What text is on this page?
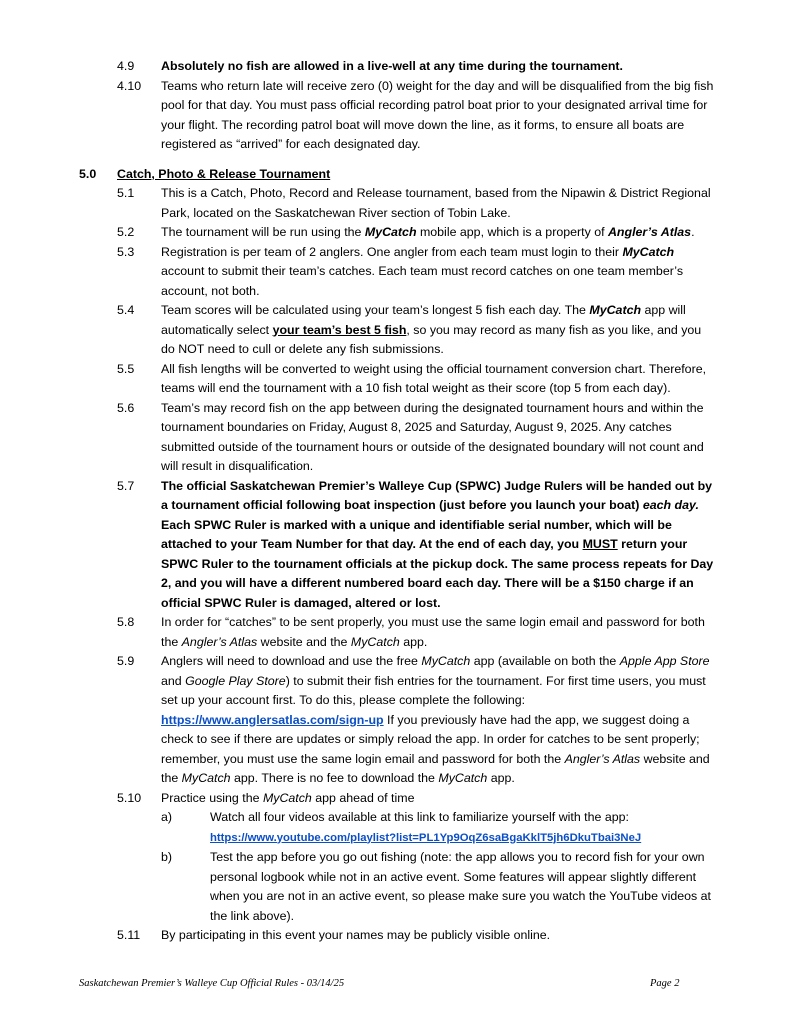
4.9 Absolutely no fish are allowed in a live-well at any time during the tournament.
4.10 Teams who return late will receive zero (0) weight for the day and will be disqualified from the big fish pool for that day. You must pass official recording patrol boat prior to your designated arrival time for your flight. The recording patrol boat will move down the line, as it forms, to ensure all boats are registered as “arrived” for each designated day.
5.0 Catch, Photo & Release Tournament
5.1 This is a Catch, Photo, Record and Release tournament, based from the Nipawin & District Regional Park, located on the Saskatchewan River section of Tobin Lake.
5.2 The tournament will be run using the MyCatch mobile app, which is a property of Angler’s Atlas.
5.3 Registration is per team of 2 anglers. One angler from each team must login to their MyCatch account to submit their team’s catches. Each team must record catches on one team member’s account, not both.
5.4 Team scores will be calculated using your team’s longest 5 fish each day. The MyCatch app will automatically select your team’s best 5 fish, so you may record as many fish as you like, and you do NOT need to cull or delete any fish submissions.
5.5 All fish lengths will be converted to weight using the official tournament conversion chart. Therefore, teams will end the tournament with a 10 fish total weight as their score (top 5 from each day).
5.6 Team’s may record fish on the app between during the designated tournament hours and within the tournament boundaries on Friday, August 8, 2025 and Saturday, August 9, 2025. Any catches submitted outside of the tournament hours or outside of the designated boundary will not count and will result in disqualification.
5.7 The official Saskatchewan Premier’s Walleye Cup (SPWC) Judge Rulers will be handed out by a tournament official following boat inspection (just before you launch your boat) each day. Each SPWC Ruler is marked with a unique and identifiable serial number, which will be attached to your Team Number for that day. At the end of each day, you MUST return your SPWC Ruler to the tournament officials at the pickup dock. The same process repeats for Day 2, and you will have a different numbered board each day. There will be a $150 charge if an official SPWC Ruler is damaged, altered or lost.
5.8 In order for “catches” to be sent properly, you must use the same login email and password for both the Angler’s Atlas website and the MyCatch app.
5.9 Anglers will need to download and use the free MyCatch app (available on both the Apple App Store and Google Play Store) to submit their fish entries for the tournament. For first time users, you must set up your account first. To do this, please complete the following: https://www.anglersatlas.com/sign-up If you previously have had the app, we suggest doing a check to see if there are updates or simply reload the app. In order for catches to be sent properly; remember, you must use the same login email and password for both the Angler’s Atlas website and the MyCatch app. There is no fee to download the MyCatch app.
5.10 Practice using the MyCatch app ahead of time
a)	Watch all four videos available at this link to familiarize yourself with the app:
https://www.youtube.com/playlist?list=PL1Yp9OqZ6saBgaKklT5jh6DkuTbai3NeJ
b)	Test the app before you go out fishing (note: the app allows you to record fish for your own personal logbook while not in an active event. Some features will appear slightly different when you are not in an active event, so please make sure you watch the YouTube videos at the link above).
5.11 By participating in this event your names may be publicly visible online.
Saskatchewan Premier’s Walleye Cup Official Rules - 03/14/25	Page 2
